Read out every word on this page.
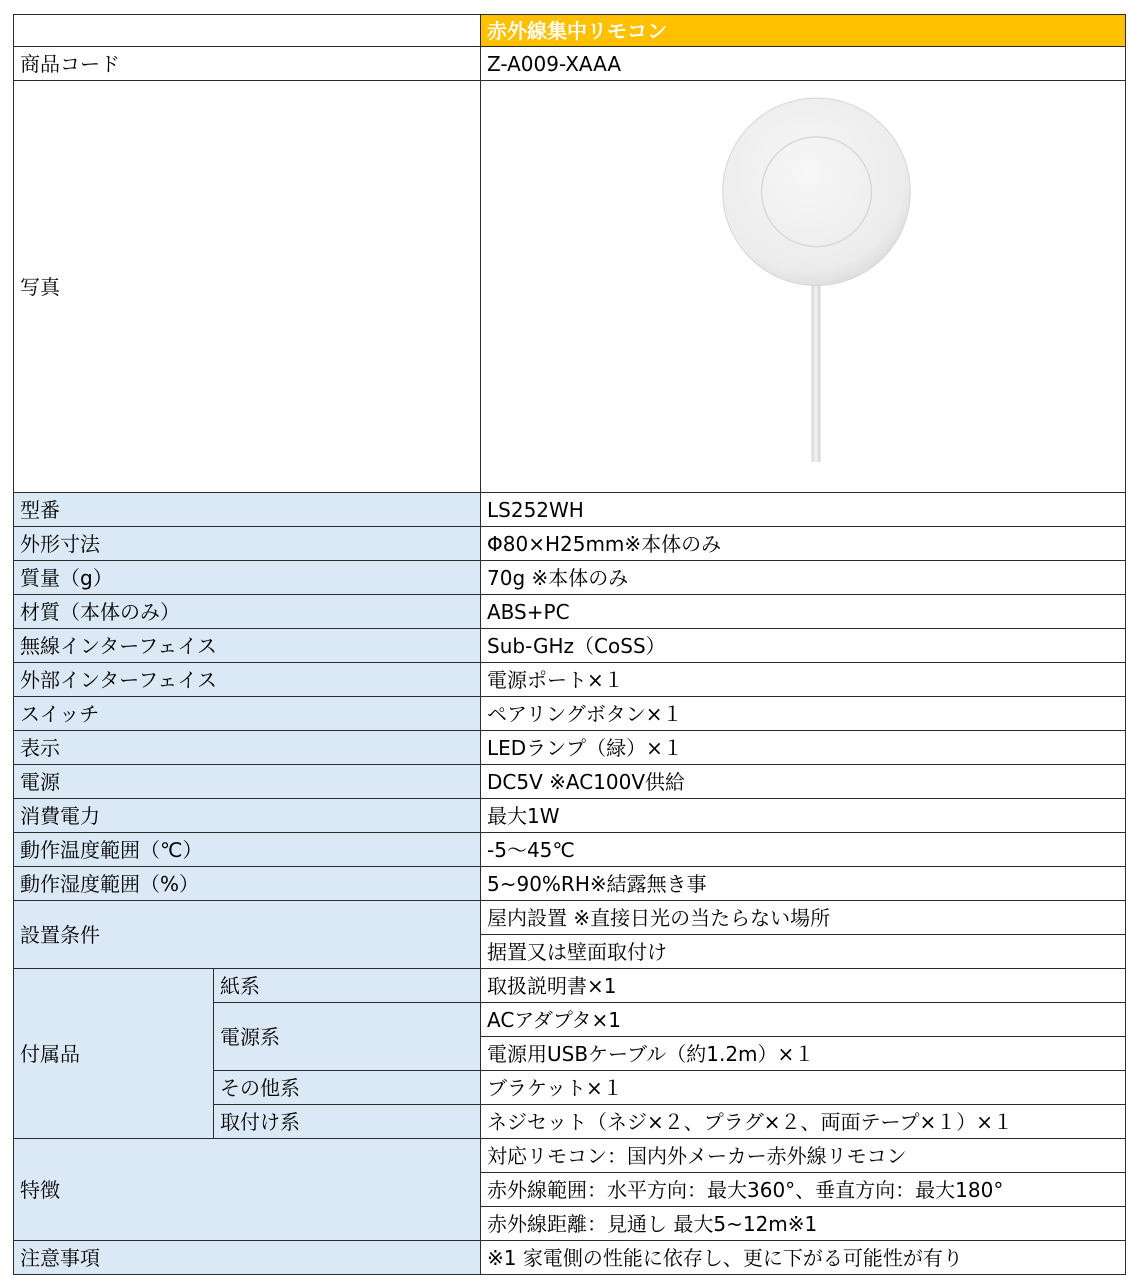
		赤外線集中リモコン
商品コード		Z-A009-XAAA
写真	

型番		LS252WH
外形寸法		Φ80×H25mm※本体のみ
質量（g）		70g ※本体のみ
材質（本体のみ）		ABS+PC
無線インターフェイス		Sub-GHz（CoSS）
外部インターフェイス		電源ポート×１
スイッチ		ペアリングボタン×１
表示		LEDランプ（緑）×１
電源		DC5V ※AC100V供給
消費電力		最大1W
動作温度範囲（℃）		-5～45℃
動作湿度範囲（%）		5~90%RH※結露無き事
設置条件		屋内設置 ※直接日光の当たらない場所
		据置又は壁面取付け
付属品	紙系	取扱説明書×1
	電源系	ACアダプタ×1
		電源用USBケーブル（約1.2m）×１
	その他系	ブラケット×１
	取付け系	ネジセット（ネジ×２、プラグ×２、両面テープ×１）×１
特徴		対応リモコン：国内外メーカー赤外線リモコン
		赤外線範囲：水平方向：最大360°、垂直方向：最大180°
		赤外線距離：見通し 最大5~12m※1
注意事項		※1 家電側の性能に依存し、更に下がる可能性が有り
